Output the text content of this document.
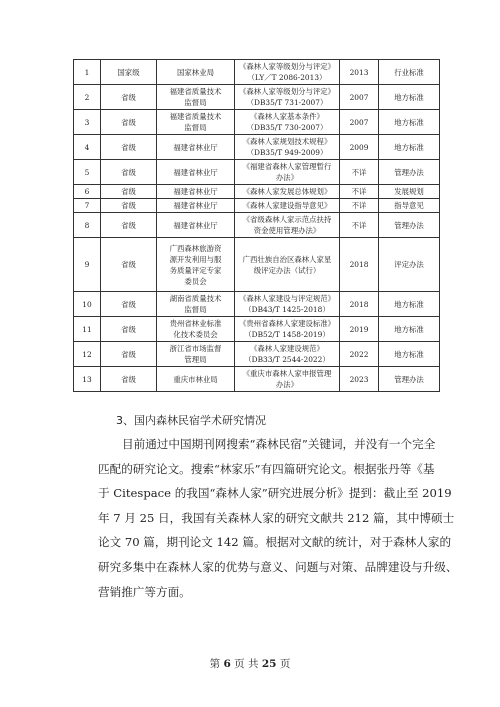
1	国家级	国家林业局	《森林人家等级划分与评定》
（LY／T 2086-2013）	2013	行业标准
2	省级	福建省质量技术
监督局	《森林人家等级划分与评定》
（DB35/T 731-2007）	2007	地方标准
3	省级	福建省质量技术
监督局	《森林人家基本条件》
（DB35/T 730-2007）	2007	地方标准
4	省级	福建省林业厅	《森林人家规划技术规程》
（DB35/T 949-2009）	2009	地方标准
5	省级	福建省林业厅	《福建省森林人家管理暂行
办法》	不详	管理办法
6	省级	福建省林业厅	《森林人家发展总体规划》	不详	发展规划
7	省级	福建省林业厅	《森林人家建设指导意见》	不详	指导意见
8	省级	福建省林业厅	《省级森林人家示范点扶持
资金使用管理办法》	不详	管理办法
9	省级	广西森林旅游资
源开发利用与服
务质量评定专家
委员会	广西壮族自治区森林人家星
级评定办法（试行）	2018	评定办法
10	省级	湖南省质量技术
监督局	《森林人家建设与评定规范》
（DB43/T 1425-2018）	2018	地方标准
11	省级	贵州省林业标准
化技术委员会	《贵州省森林人家建设标准》
（DB52/T 1458-2019）	2019	地方标准
12	省级	浙江省市场监督
管理局	《森林人家建设规范》
（DB33/T 2544-2022）	2022	地方标准
13	省级	重庆市林业局	《重庆市森林人家申报管理
办法》	2023	管理办法
3、国内森林民宿学术研究情况
目前通过中国期刊网搜索“森林民宿”关键词，并没有一个完全
匹配的研究论文。搜索“林家乐”有四篇研究论文。根据张丹等《基
于 Citespace 的我国“森林人家”研究进展分析》提到：截止至 2019
年 7 月 25 日，我国有关森林人家的研究文献共 212 篇，其中博硕士
论文 70 篇，期刊论文 142 篇。根据对文献的统计，对于森林人家的
研究多集中在森林人家的优势与意义、问题与对策、品牌建设与升级、
营销推广等方面。
第 6 页 共 25 页
